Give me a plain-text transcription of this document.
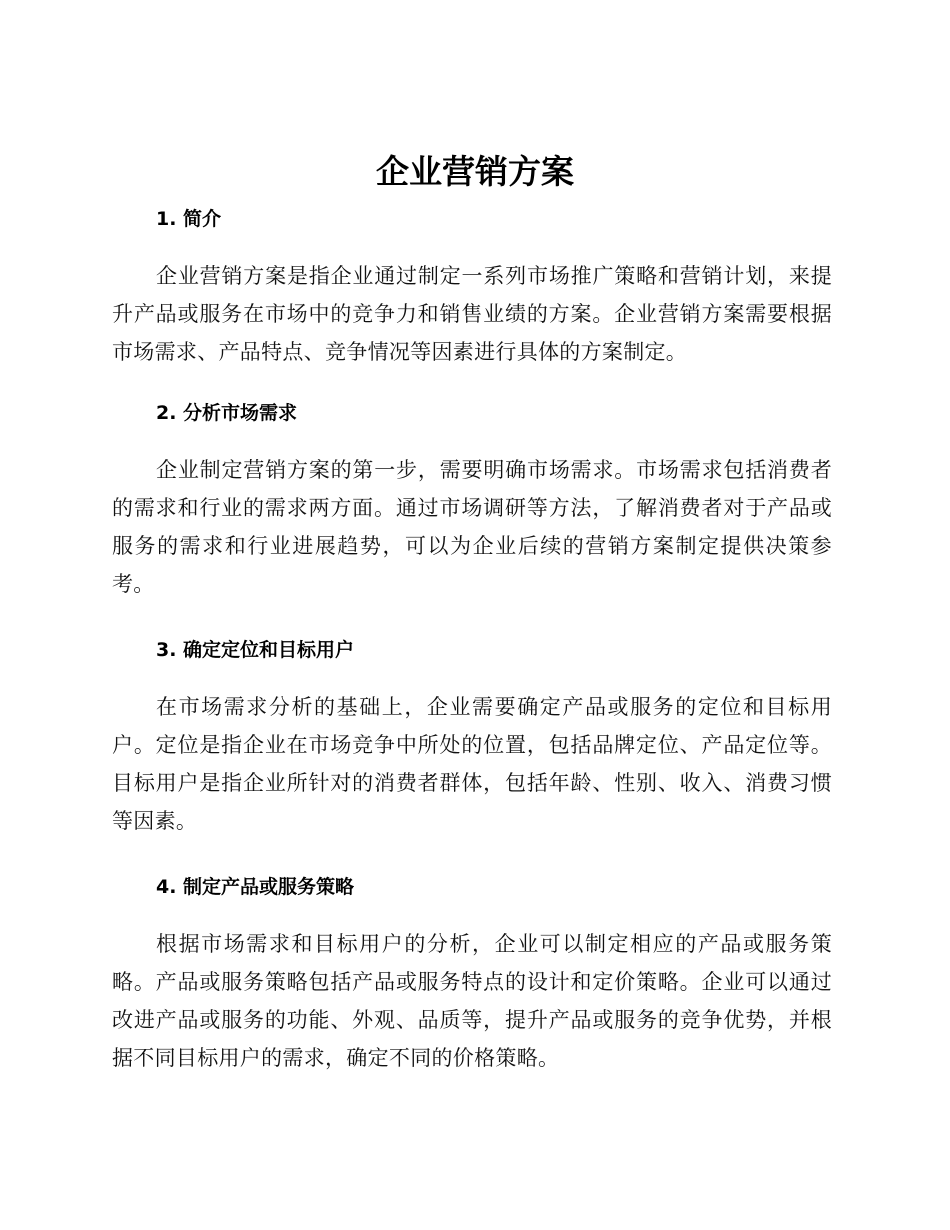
企业营销方案
1. 简介
企业营销方案是指企业通过制定一系列市场推广策略和营销计划，来提升产品或服务在市场中的竞争力和销售业绩的方案。企业营销方案需要根据市场需求、产品特点、竞争情况等因素进行具体的方案制定。
2. 分析市场需求
企业制定营销方案的第一步，需要明确市场需求。市场需求包括消费者的需求和行业的需求两方面。通过市场调研等方法，了解消费者对于产品或服务的需求和行业进展趋势，可以为企业后续的营销方案制定提供决策参考。
3. 确定定位和目标用户
在市场需求分析的基础上，企业需要确定产品或服务的定位和目标用户。定位是指企业在市场竞争中所处的位置，包括品牌定位、产品定位等。目标用户是指企业所针对的消费者群体，包括年龄、性别、收入、消费习惯等因素。
4. 制定产品或服务策略
根据市场需求和目标用户的分析，企业可以制定相应的产品或服务策略。产品或服务策略包括产品或服务特点的设计和定价策略。企业可以通过改进产品或服务的功能、外观、品质等，提升产品或服务的竞争优势，并根据不同目标用户的需求，确定不同的价格策略。
